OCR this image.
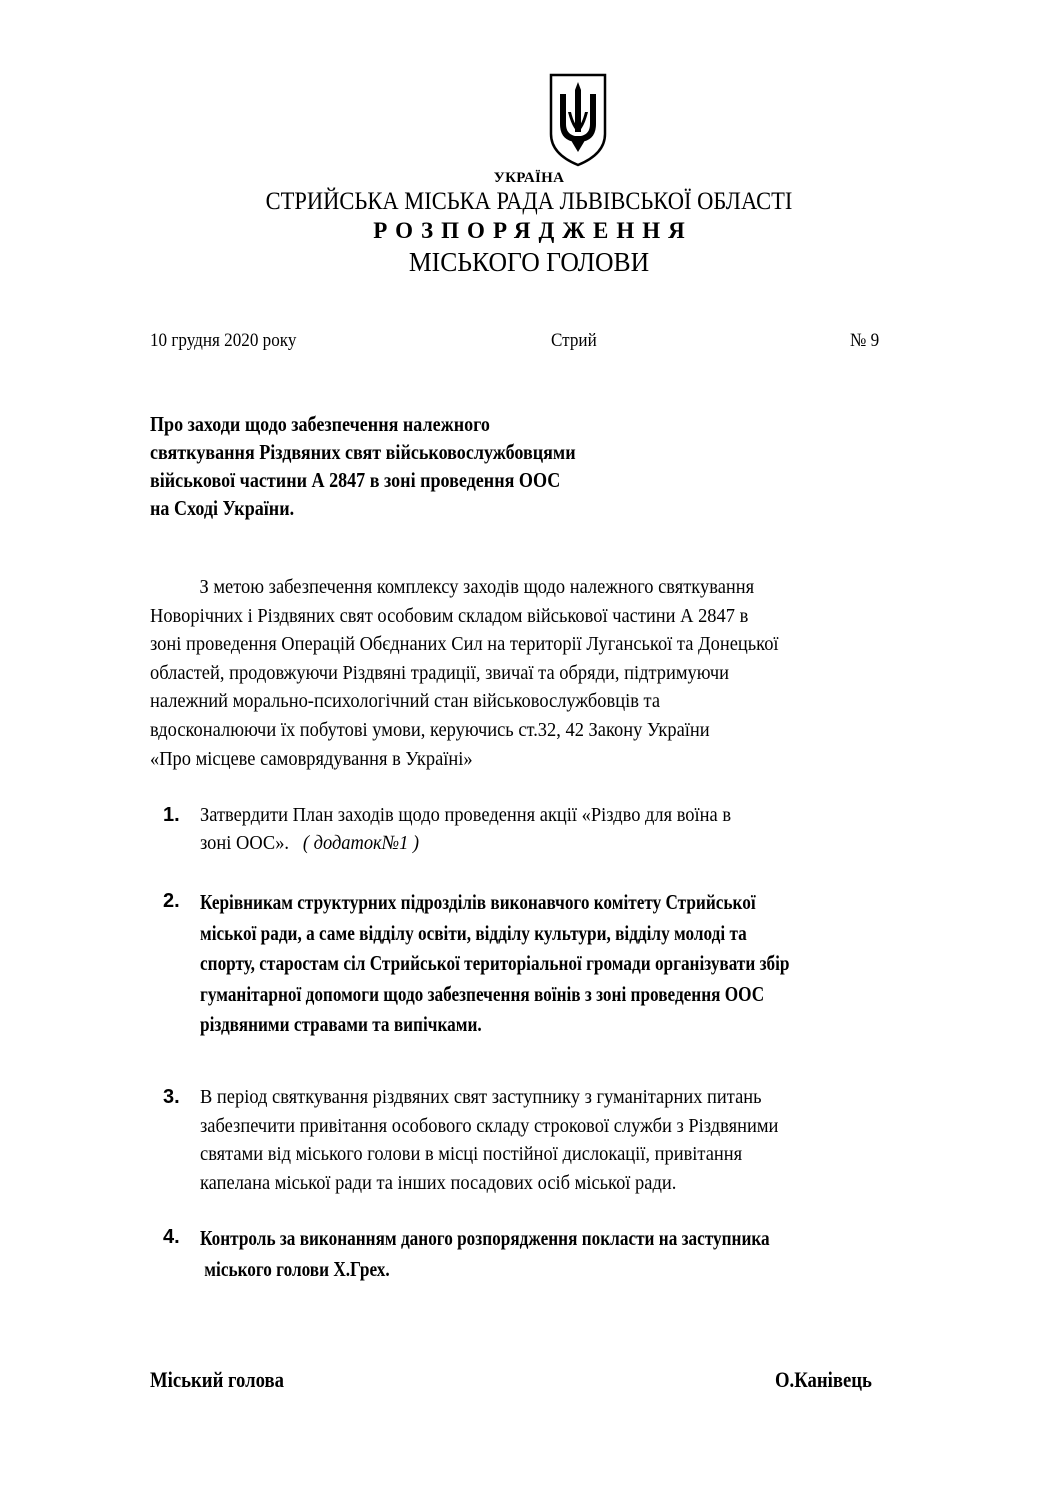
УКРАЇНА
СТРИЙСЬКА МІСЬКА РАДА ЛЬВІВСЬКОЇ ОБЛАСТІ
РОЗПОРЯДЖЕННЯ
МІСЬКОГО ГОЛОВИ
10 грудня 2020 року	Стрий	№ 9
Про заходи щодо забезпечення належного
святкування Різдвяних свят військовослужбовцями
військової частини А 2847 в зоні проведення ООС
на Сході України.
З метою забезпечення комплексу заходів щодо належного святкування
Новорічних і Різдвяних свят особовим складом військової частини А 2847 в
зоні проведення Операцій Обєднаних Сил на території Луганської та Донецької
областей, продовжуючи Різдвяні традиції, звичаї та обряди, підтримуючи
належний морально-психологічний стан військовослужбовців та
вдосконалюючи їх побутові умови, керуючись ст.32, 42 Закону України
«Про місцеве самоврядування в Україні»
1. Затвердити План заходів щодо проведення акції «Різдво для воїна в
зоні ООС». ( додаток№1 )
2. Керівникам структурних підрозділів виконавчого комітету Стрийської
міської ради, а саме відділу освіти, відділу культури, відділу молоді та
спорту, старостам сіл Стрийської територіальної громади організувати збір
гуманітарної допомоги щодо забезпечення воїнів з зоні проведення ООС
різдвяними стравами та випічками.
3. В період святкування різдвяних свят заступнику з гуманітарних питань
забезпечити привітання особового складу строкової служби з Різдвяними
святами від міського голови в місці постійної дислокації, привітання
капелана міської ради та інших посадових осіб міської ради.
4. Контроль за виконанням даного розпорядження покласти на заступника
міського голови Х.Грех.
Міський голова	О.Канівець
